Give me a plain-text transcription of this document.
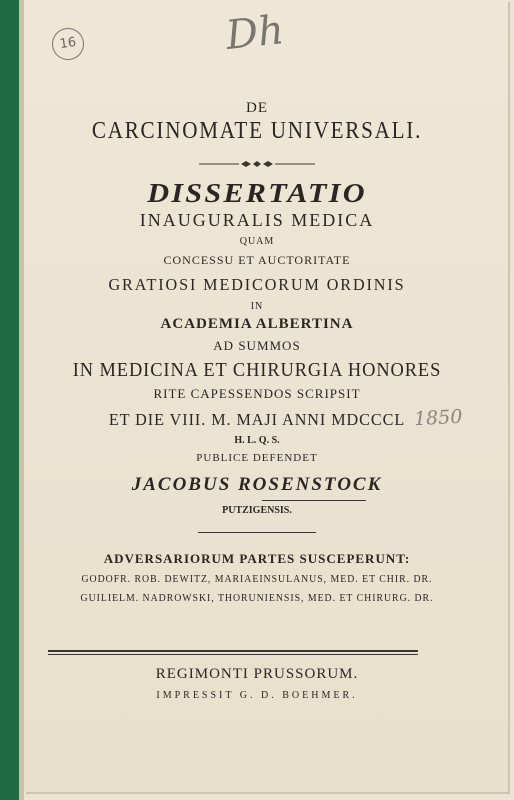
16	Dh
1850
DE
CARCINOMATE UNIVERSALI.
DISSERTATIO
INAUGURALIS MEDICA
QUAM
CONCESSU ET AUCTORITATE
GRATIOSI MEDICORUM ORDINIS
IN
ACADEMIA ALBERTINA
AD SUMMOS
IN MEDICINA ET CHIRURGIA HONORES
RITE CAPESSENDOS SCRIPSIT
ET DIE VIII. M. MAJI ANNI MDCCCL
H. L. Q. S.
PUBLICE DEFENDET
JACOBUS ROSENSTOCK
PUTZIGENSIS.
ADVERSARIORUM PARTES SUSCEPERUNT:
GODOFR. ROB. DEWITZ, MARIAEINSULANUS, MED. ET CHIR. DR.
GUILIELM. NADROWSKI, THORUNIENSIS, MED. ET CHIRURG. DR.
REGIMONTI PRUSSORUM.
IMPRESSIT G. D. BOEHMER.
